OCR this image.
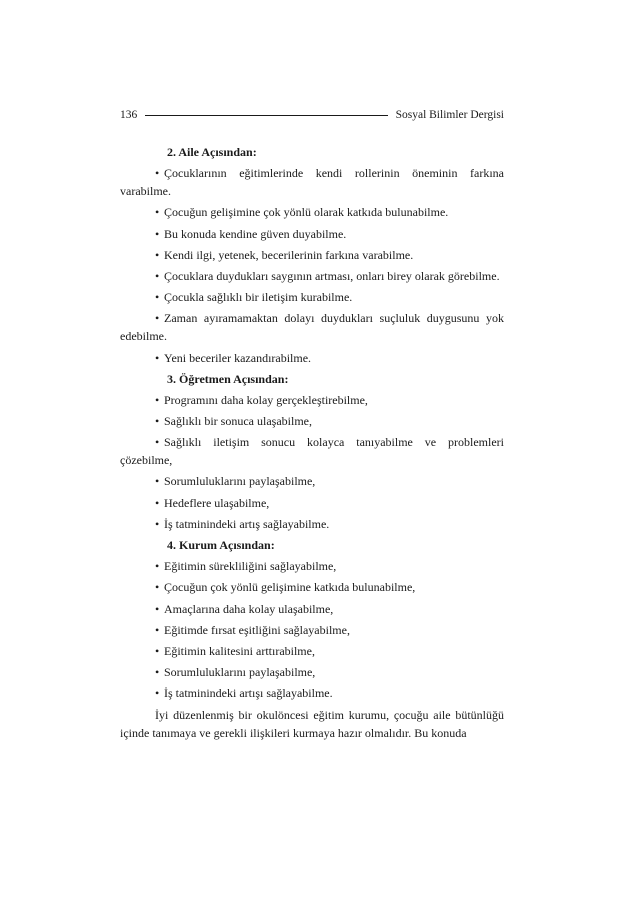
136	Sosyal Bilimler Dergisi
2. Aile Açısından:
• Çocuklarının eğitimlerinde kendi rollerinin öneminin farkına varabilme.
• Çocuğun gelişimine çok yönlü olarak katkıda bulunabilme.
• Bu konuda kendine güven duyabilme.
• Kendi ilgi, yetenek, becerilerinin farkına varabilme.
• Çocuklara duydukları saygının artması, onları birey olarak görebilme.
• Çocukla sağlıklı bir iletişim kurabilme.
• Zaman ayıramamaktan dolayı duydukları suçluluk duygusunu yok edebilme.
• Yeni beceriler kazandırabilme.
3. Öğretmen Açısından:
• Programını daha kolay gerçekleştirebilme,
• Sağlıklı bir sonuca ulaşabilme,
• Sağlıklı iletişim sonucu kolayca tanıyabilme ve problemleri çözebilme,
• Sorumluluklarını paylaşabilme,
• Hedeflere ulaşabilme,
• İş tatminindeki artış sağlayabilme.
4. Kurum Açısından:
• Eğitimin sürekliliğini sağlayabilme,
• Çocuğun çok yönlü gelişimine katkıda bulunabilme,
• Amaçlarına daha kolay ulaşabilme,
• Eğitimde fırsat eşitliğini sağlayabilme,
• Eğitimin kalitesini arttırabilme,
• Sorumluluklarını paylaşabilme,
• İş tatminindeki artışı sağlayabilme.

İyi düzenlenmiş bir okulöncesi eğitim kurumu, çocuğu aile bütünlüğü içinde tanımaya ve gerekli ilişkileri kurmaya hazır olmalıdır. Bu konuda
